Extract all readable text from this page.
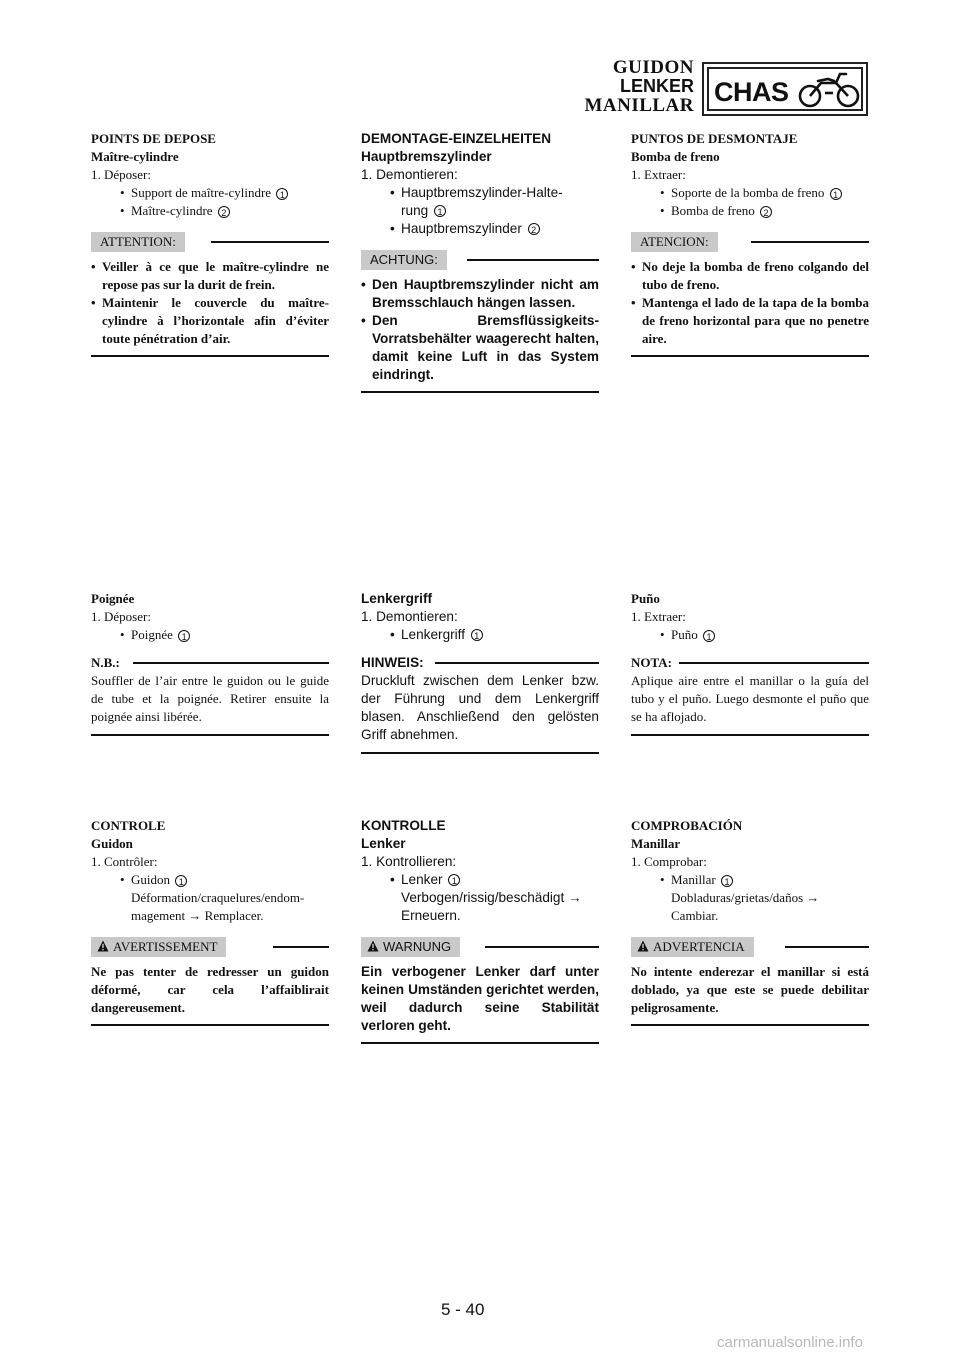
GUIDON
LENKER
MANILLAR CHAS
POINTS DE DEPOSE
Maître-cylindre
1. Déposer:
• Support de maître-cylindre 1
• Maître-cylindre 2
ATTENTION:
• Veiller à ce que le maître-cylindre ne repose pas sur la durit de frein.
• Maintenir le couvercle du maître-cylindre à l’horizontale afin d’éviter toute pénétration d’air.
Poignée
1. Déposer:
• Poignée 1
N.B.:
Souffler de l’air entre le guidon ou le guide de tube et la poignée. Retirer ensuite la poignée ainsi libérée.
CONTROLE
Guidon
1. Contrôler:
• Guidon 1
Déformation/craquelures/endom-
magement → Remplacer.
AVERTISSEMENT
Ne pas tenter de redresser un guidon déformé, car cela l’affaiblirait dangereusement.
DEMONTAGE-EINZELHEITEN
Hauptbremszylinder
1. Demontieren:
• Hauptbremszylinder-Halte-
rung 1
• Hauptbremszylinder 2
ACHTUNG:
• Den Hauptbremszylinder nicht am Bremsschlauch hängen lassen.
• Den Bremsflüssigkeits-Vorratsbehälter waagerecht halten, damit keine Luft in das System eindringt.
Lenkergriff
1. Demontieren:
• Lenkergriff 1
HINWEIS:
Druckluft zwischen dem Lenker bzw. der Führung und dem Lenkergriff blasen. Anschließend den gelösten Griff abnehmen.
KONTROLLE
Lenker
1. Kontrollieren:
• Lenker 1
Verbogen/rissig/beschädigt →
Erneuern.
WARNUNG
Ein verbogener Lenker darf unter keinen Umständen gerichtet werden, weil dadurch seine Stabilität verloren geht.
PUNTOS DE DESMONTAJE
Bomba de freno
1. Extraer:
• Soporte de la bomba de freno 1
• Bomba de freno 2
ATENCION:
• No deje la bomba de freno colgando del tubo de freno.
• Mantenga el lado de la tapa de la bomba de freno horizontal para que no penetre aire.
Puño
1. Extraer:
• Puño 1
NOTA:
Aplique aire entre el manillar o la guía del tubo y el puño. Luego desmonte el puño que se ha aflojado.
COMPROBACIÓN
Manillar
1. Comprobar:
• Manillar 1
Dobladuras/grietas/daños →
Cambiar.
ADVERTENCIA
No intente enderezar el manillar si está doblado, ya que este se puede debilitar peligrosamente.
5 - 40
carmanualsonline.info
